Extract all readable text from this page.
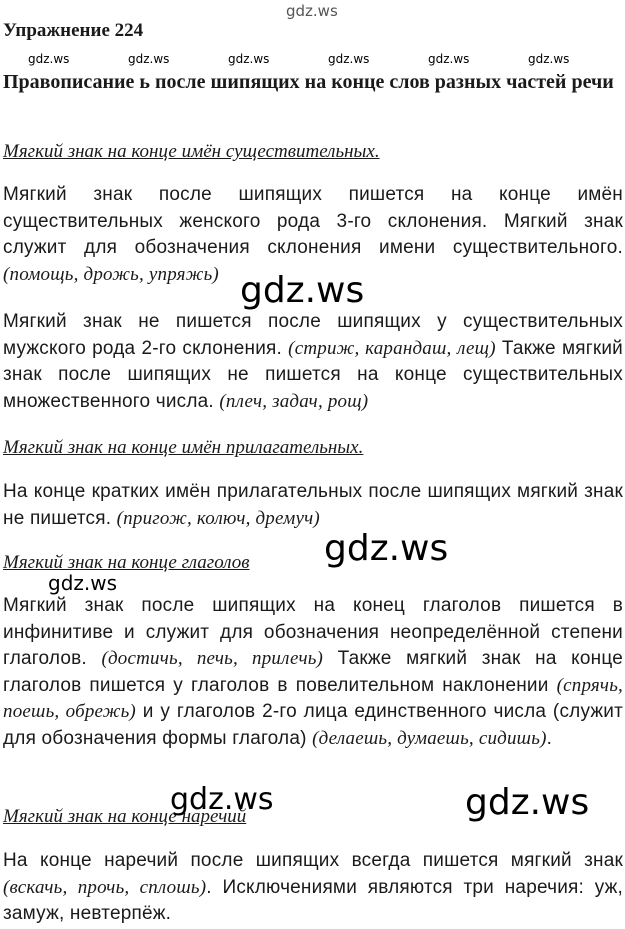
gdz.ws
gdz.ws	gdz.ws	gdz.ws	gdz.ws	gdz.ws	gdz.ws
Упражнение 224
Правописание ь после шипящих на конце слов разных частей речи
Мягкий знак на конце имён существительных.
Мягкий знак после шипящих пишется на конце имён существительных женского рода 3-го склонения. Мягкий знак служит для обозначения склонения имени существительного. (помощь, дрожь, упряжь)
Мягкий знак не пишется после шипящих у существительных мужского рода 2-го склонения. (стриж, карандаш, лещ) Также мягкий знак после шипящих не пишется на конце существительных множественного числа. (плеч, задач, рощ)
Мягкий знак на конце имён прилагательных.
На конце кратких имён прилагательных после шипящих мягкий знак не пишется. (пригож, колюч, дремуч)
Мягкий знак на конце глаголов
Мягкий знак после шипящих на конец глаголов пишется в инфинитиве и служит для обозначения неопределённой степени глаголов. (достичь, печь, прилечь) Также мягкий знак на конце глаголов пишется у глаголов в повелительном наклонении (спрячь, поешь, обрежь) и у глаголов 2-го лица единственного числа (служит для обозначения формы глагола) (делаешь, думаешь, сидишь).
Мягкий знак на конце наречий
На конце наречий после шипящих всегда пишется мягкий знак (вскачь, прочь, сплошь). Исключениями являются три наречия: уж, замуж, невтерпёж.
gdz.ws
gdz.ws
gdz.ws
gdz.ws	gdz.ws
